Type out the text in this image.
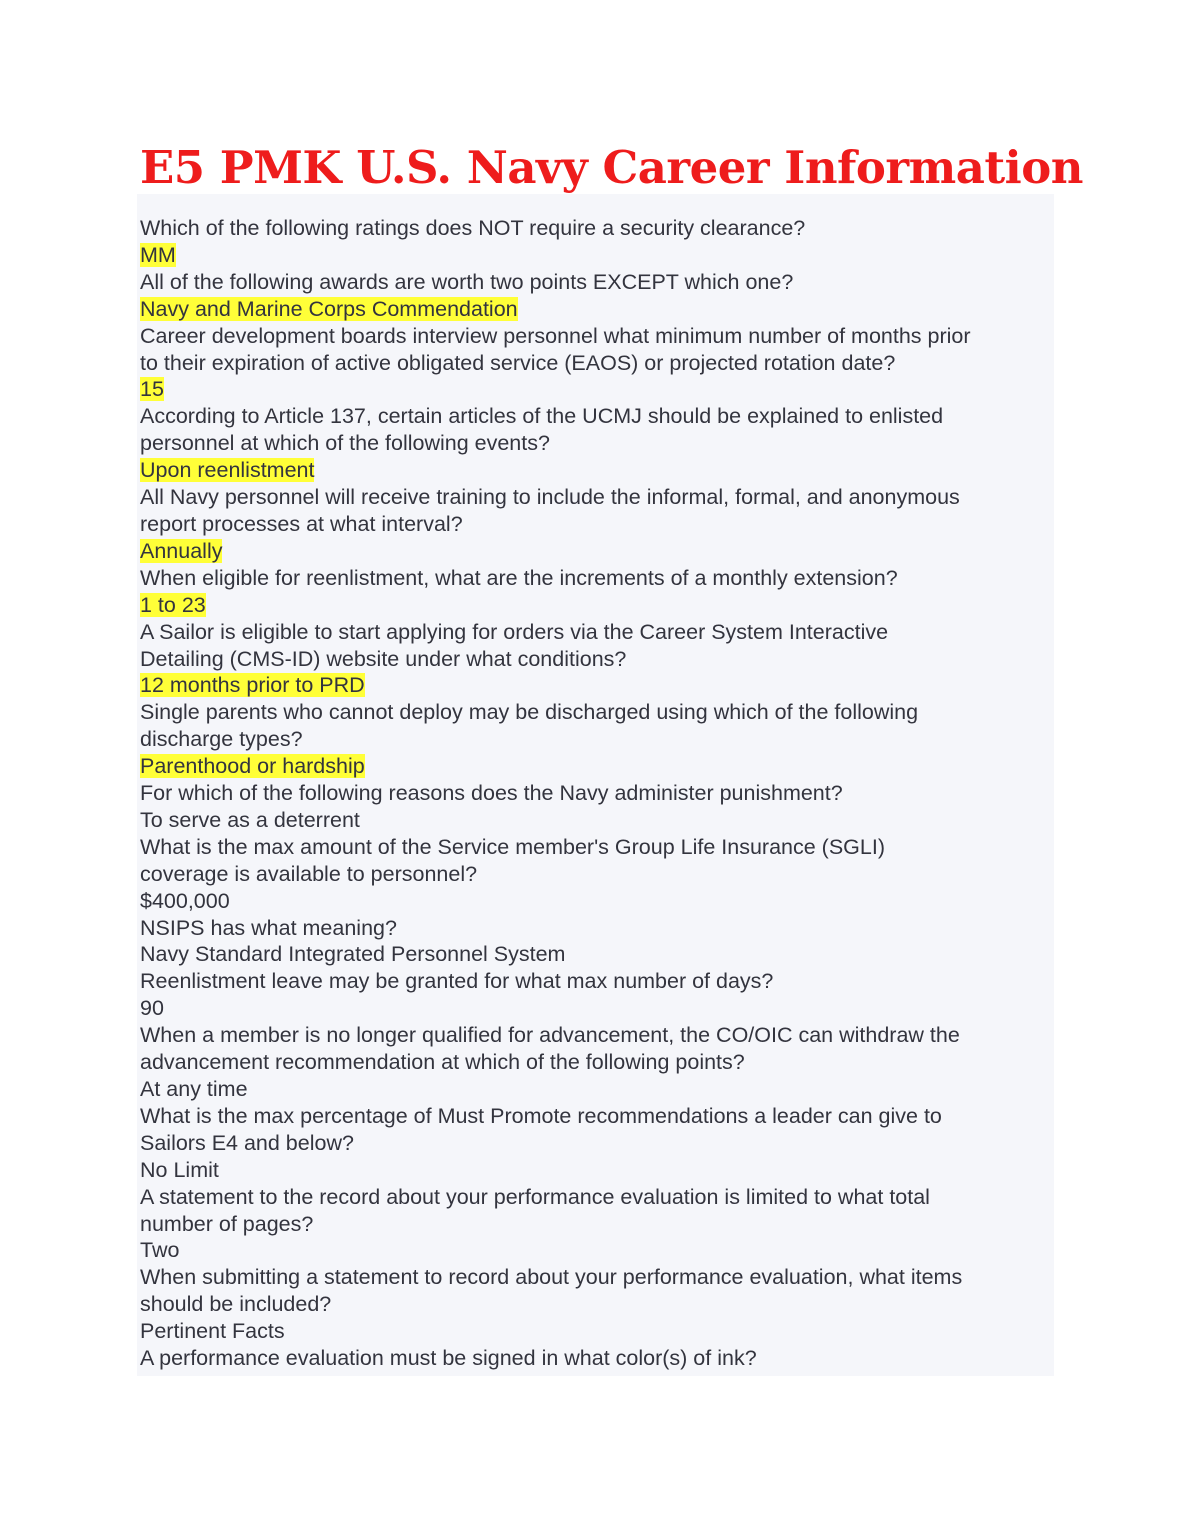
E5 PMK U.S. Navy Career Information
Which of the following ratings does NOT require a security clearance?
MM
All of the following awards are worth two points EXCEPT which one?
Navy and Marine Corps Commendation
Career development boards interview personnel what minimum number of months prior
to their expiration of active obligated service (EAOS) or projected rotation date?
15
According to Article 137, certain articles of the UCMJ should be explained to enlisted
personnel at which of the following events?
Upon reenlistment
All Navy personnel will receive training to include the informal, formal, and anonymous
report processes at what interval?
Annually
When eligible for reenlistment, what are the increments of a monthly extension?
1 to 23
A Sailor is eligible to start applying for orders via the Career System Interactive
Detailing (CMS-ID) website under what conditions?
12 months prior to PRD
Single parents who cannot deploy may be discharged using which of the following
discharge types?
Parenthood or hardship
For which of the following reasons does the Navy administer punishment?
To serve as a deterrent
What is the max amount of the Service member's Group Life Insurance (SGLI)
coverage is available to personnel?
$400,000
NSIPS has what meaning?
Navy Standard Integrated Personnel System
Reenlistment leave may be granted for what max number of days?
90
When a member is no longer qualified for advancement, the CO/OIC can withdraw the
advancement recommendation at which of the following points?
At any time
What is the max percentage of Must Promote recommendations a leader can give to
Sailors E4 and below?
No Limit
A statement to the record about your performance evaluation is limited to what total
number of pages?
Two
When submitting a statement to record about your performance evaluation, what items
should be included?
Pertinent Facts
A performance evaluation must be signed in what color(s) of ink?
